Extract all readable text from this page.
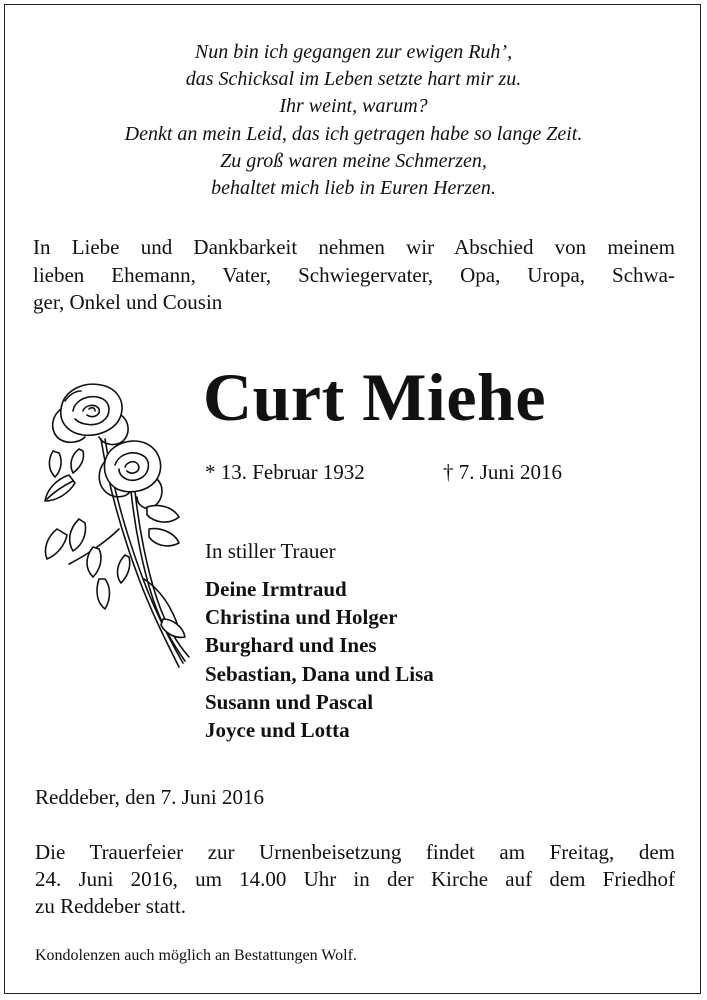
Nun bin ich gegangen zur ewigen Ruh’,
das Schicksal im Leben setzte hart mir zu.
Ihr weint, warum?
Denkt an mein Leid, das ich getragen habe so lange Zeit.
Zu groß waren meine Schmerzen,
behaltet mich lieb in Euren Herzen.
In Liebe und Dankbarkeit nehmen wir Abschied von meinem
lieben Ehemann, Vater, Schwiegervater, Opa, Uropa, Schwa-
ger, Onkel und Cousin
Curt Miehe
* 13. Februar 1932	† 7. Juni 2016
In stiller Trauer
Deine Irmtraud
Christina und Holger
Burghard und Ines
Sebastian, Dana und Lisa
Susann und Pascal
Joyce und Lotta
Reddeber, den 7. Juni 2016
Die Trauerfeier zur Urnenbeisetzung findet am Freitag, dem
24. Juni 2016, um 14.00 Uhr in der Kirche auf dem Friedhof
zu Reddeber statt.
Kondolenzen auch möglich an Bestattungen Wolf.
